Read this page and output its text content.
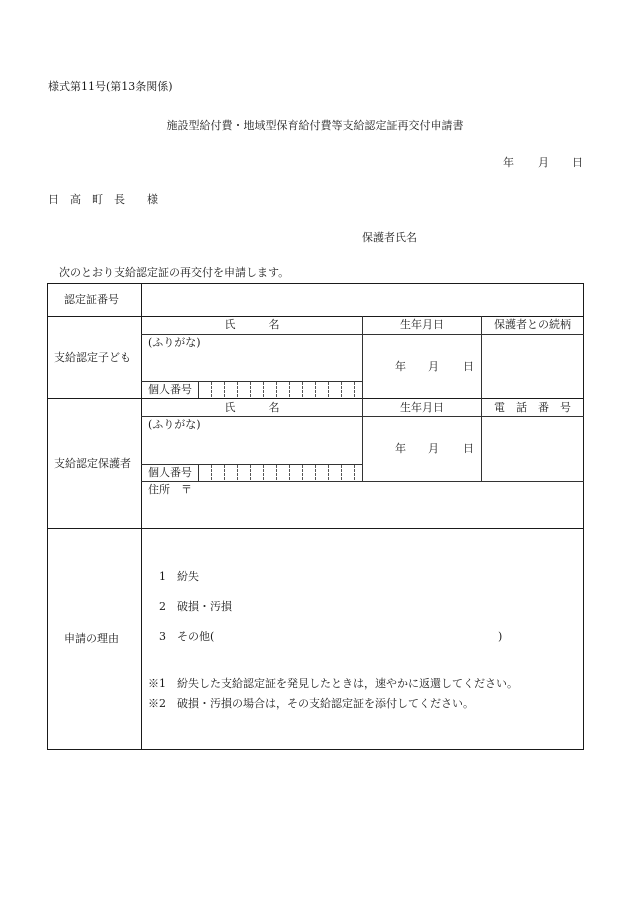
様式第11号(第13条関係)
施設型給付費・地域型保育給付費等支給認定証再交付申請書
年 月 日
日　高　町　長　　様
保護者氏名
次のとおり支給認定証の再交付を申請します。
認定証番号
支給認定子ども
氏　　　名	生年月日	保護者との続柄
(ふりがな)
個人番号
年 月 日
支給認定保護者
氏　　　名	生年月日	電　話　番　号
(ふりがな)
個人番号
年 月 日
住所　〒
申請の理由
1　紛失
2　破損・汚損
3　その他(	)
※1　紛失した支給認定証を発見したときは，速やかに返還してください。
※2　破損・汚損の場合は，その支給認定証を添付してください。
